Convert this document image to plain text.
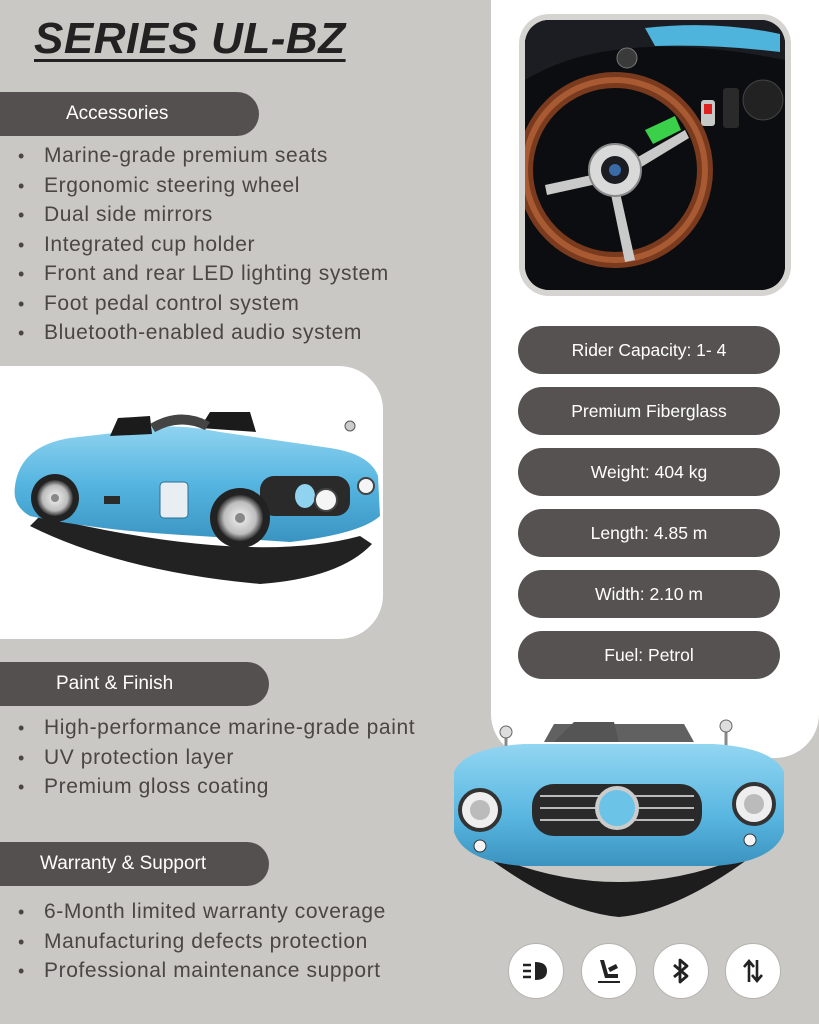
SERIES UL-BZ
Accessories
• Marine-grade premium seats
• Ergonomic steering wheel
• Dual side mirrors
• Integrated cup holder
• Front and rear LED lighting system
• Foot pedal control system
• Bluetooth-enabled audio system
Paint & Finish
• High-performance marine-grade paint
• UV protection layer
• Premium gloss coating
Warranty & Support
• 6-Month limited warranty coverage
• Manufacturing defects protection
• Professional maintenance support
Rider Capacity: 1- 4
Premium Fiberglass
Weight: 404 kg
Length: 4.85 m
Width: 2.10 m
Fuel: Petrol
